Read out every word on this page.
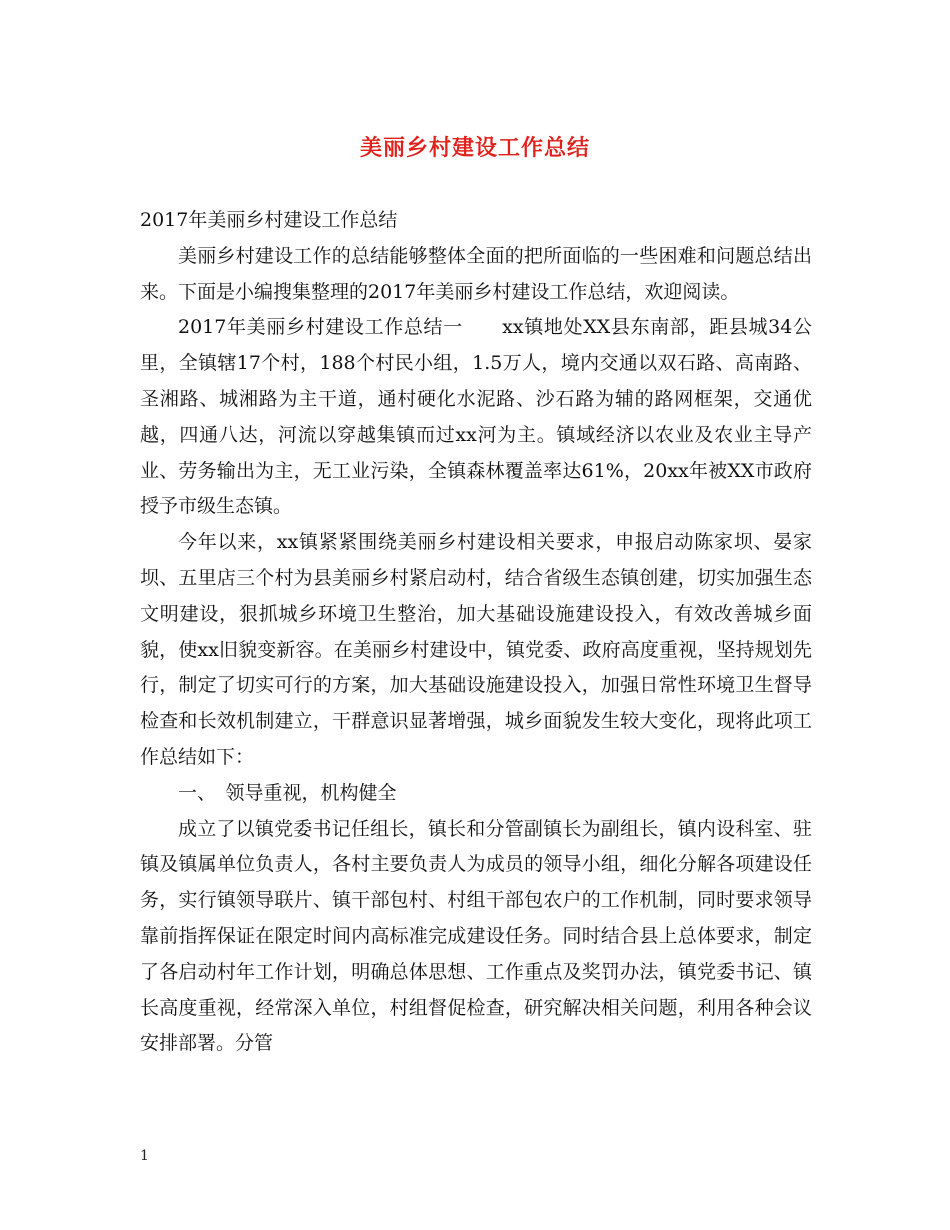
美丽乡村建设工作总结

2017年美丽乡村建设工作总结

美丽乡村建设工作的总结能够整体全面的把所面临的一些困难和问题总结出来。下面是小编搜集整理的2017年美丽乡村建设工作总结，欢迎阅读。

2017年美丽乡村建设工作总结一　　xx镇地处XX县东南部，距县城34公里，全镇辖17个村，188个村民小组，1.5万人，境内交通以双石路、高南路、圣湘路、城湘路为主干道，通村硬化水泥路、沙石路为辅的路网框架，交通优越，四通八达，河流以穿越集镇而过xx河为主。镇域经济以农业及农业主导产业、劳务输出为主，无工业污染，全镇森林覆盖率达61%，20xx年被XX市政府授予市级生态镇。

今年以来，xx镇紧紧围绕美丽乡村建设相关要求，申报启动陈家坝、晏家坝、五里店三个村为县美丽乡村紧启动村，结合省级生态镇创建，切实加强生态文明建设，狠抓城乡环境卫生整治，加大基础设施建设投入，有效改善城乡面貌，使xx旧貌变新容。在美丽乡村建设中，镇党委、政府高度重视，坚持规划先行，制定了切实可行的方案，加大基础设施建设投入，加强日常性环境卫生督导检查和长效机制建立，干群意识显著增强，城乡面貌发生较大变化，现将此项工作总结如下：

一、　领导重视，机构健全

成立了以镇党委书记任组长，镇长和分管副镇长为副组长，镇内设科室、驻镇及镇属单位负责人，各村主要负责人为成员的领导小组，细化分解各项建设任务，实行镇领导联片、镇干部包村、村组干部包农户的工作机制，同时要求领导靠前指挥保证在限定时间内高标准完成建设任务。同时结合县上总体要求，制定了各启动村年工作计划，明确总体思想、工作重点及奖罚办法，镇党委书记、镇长高度重视，经常深入单位，村组督促检查，研究解决相关问题，利用各种会议安排部署。分管

1
